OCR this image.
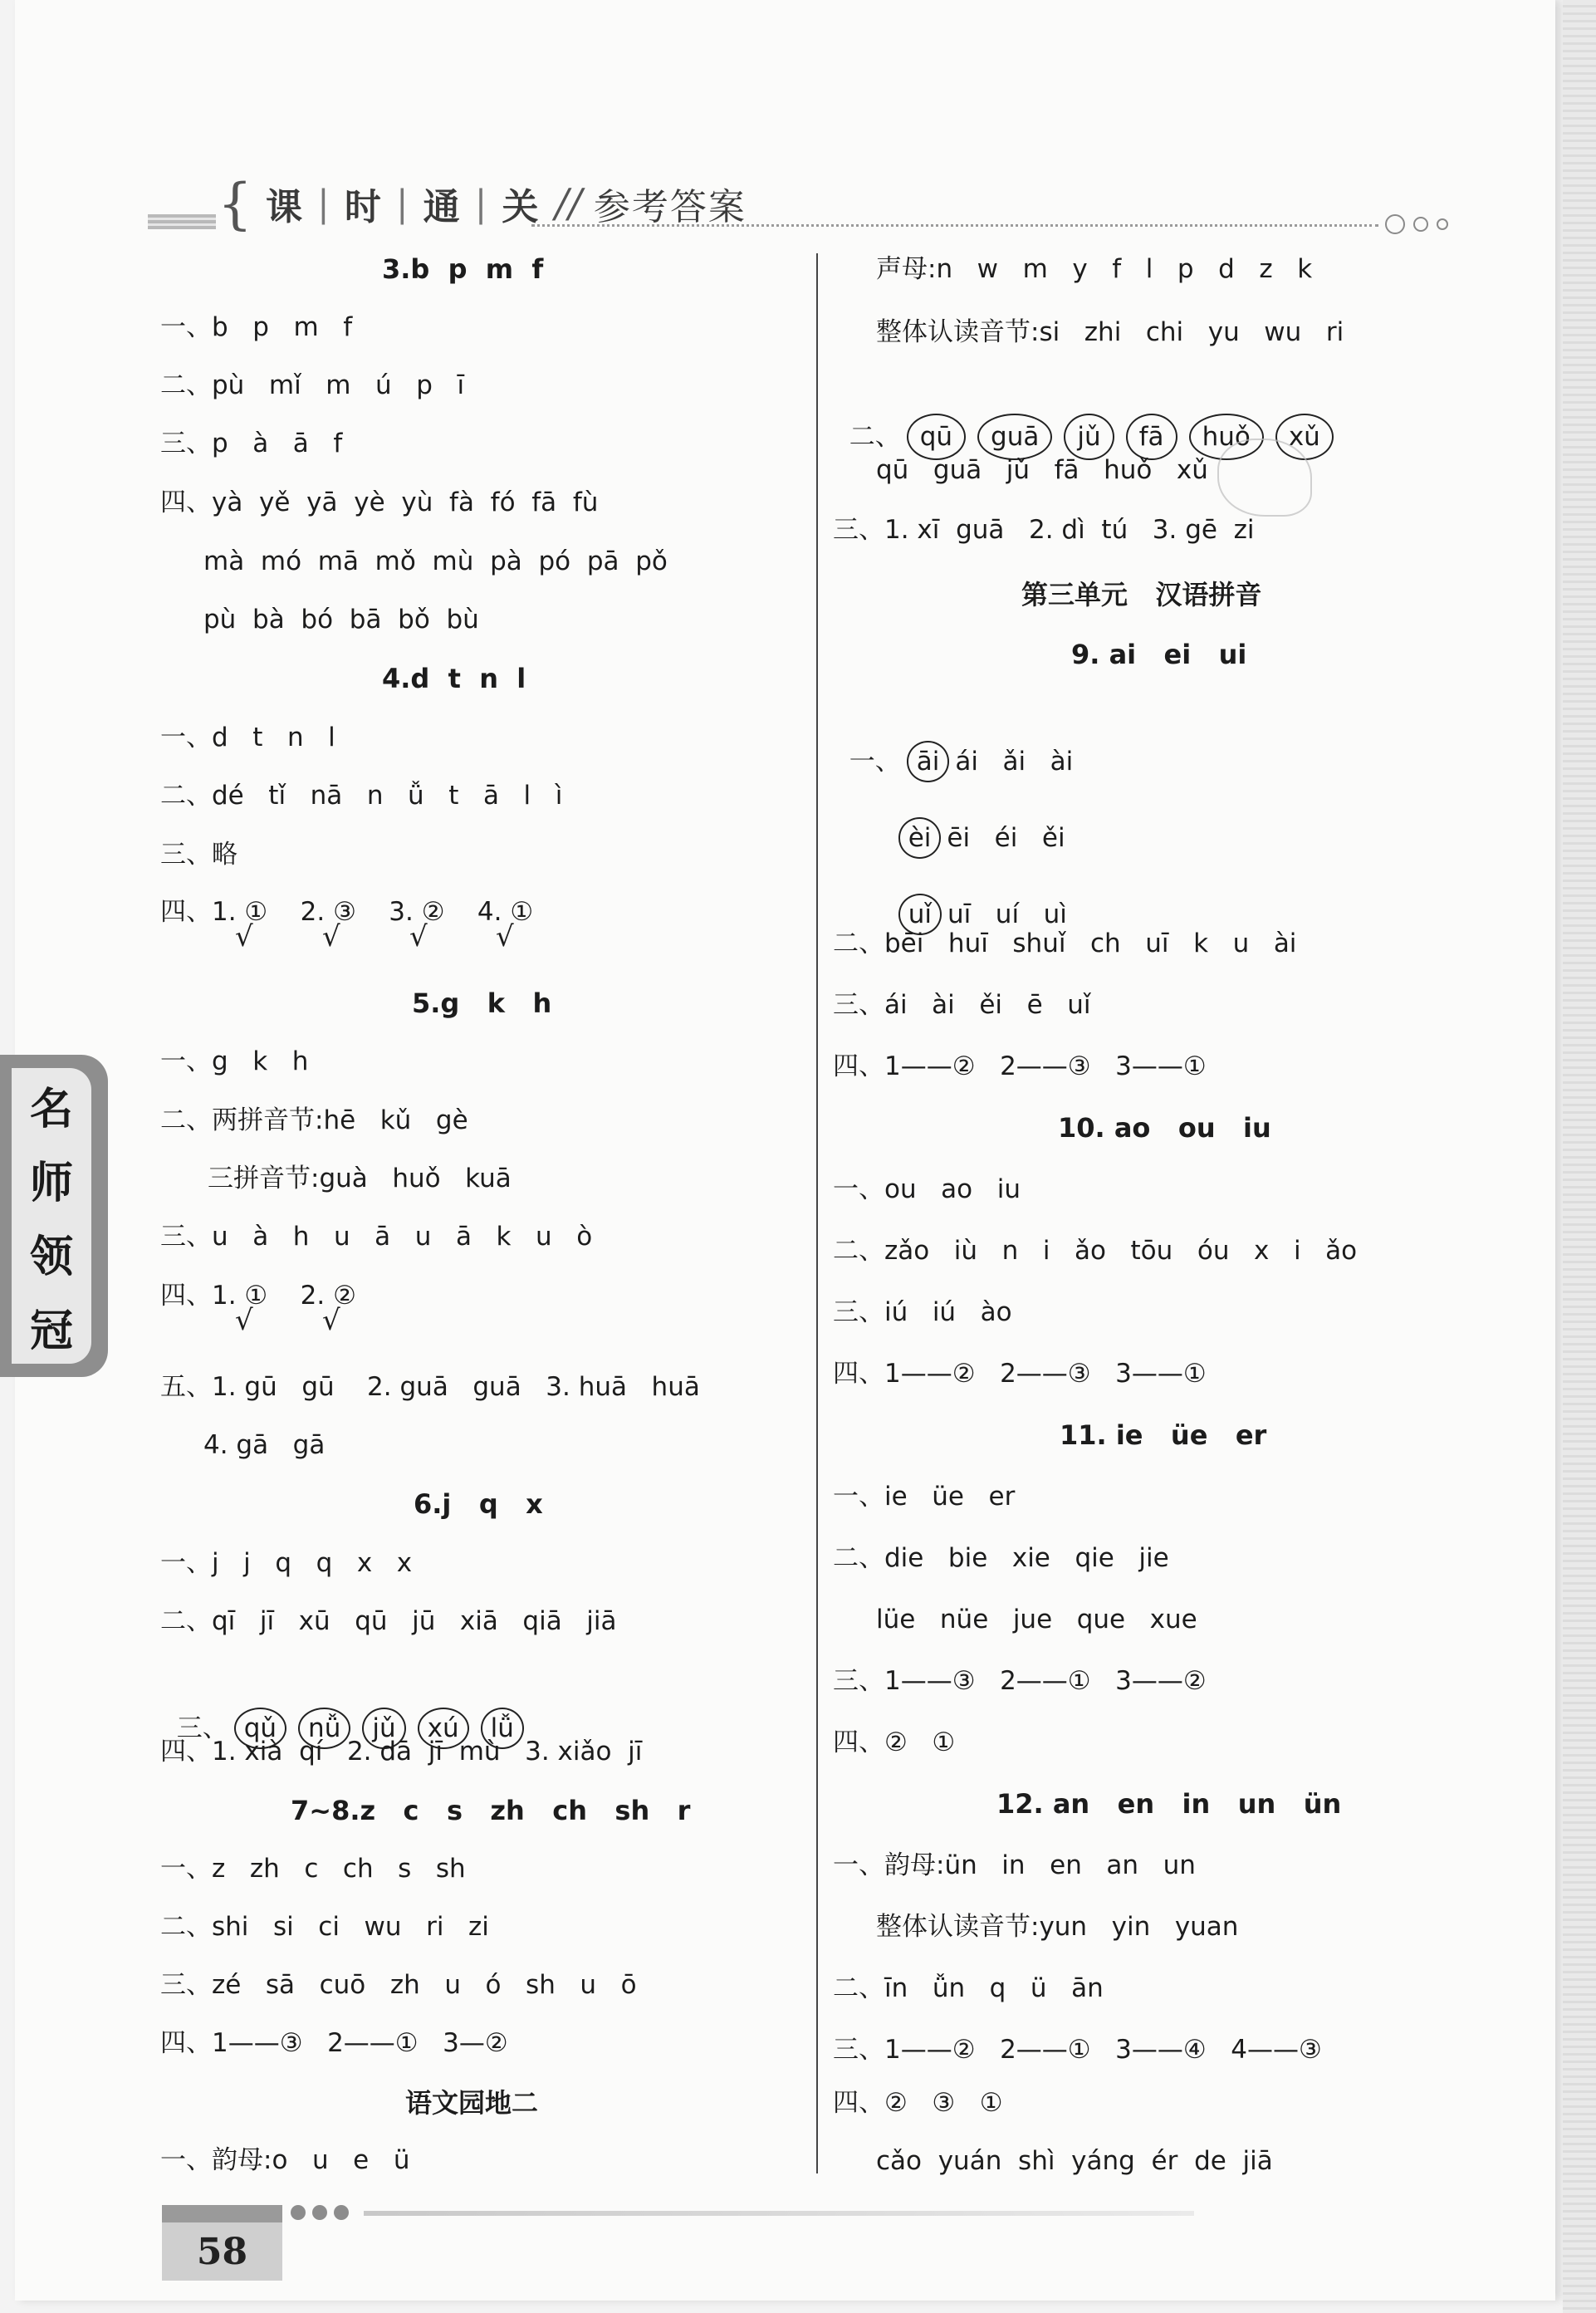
{ 课 | 时 | 通 | 关 // 参考答案
名
师
领
冠
3.b  p  m  f
一、b   p   m   f
二、pù   mǐ   m   ú   p   ī
三、p   à   ā   f
四、yà  yě  yā  yè  yù  fà  fó  fā  fù
mà  mó  mā  mǒ  mù  pà  pó  pā  pǒ
pù  bà  bó  bā  bǒ  bù
4.d  t  n  l
一、d   t   n   l
二、dé   tǐ   nā   n   ǚ   t   ā   l   ì
三、略
四、1. ①    2. ③    3. ②    4. ①
√ √ √ √
5.g   k   h
一、g   k   h
二、两拼音节:hē   kǔ   gè
三拼音节:guà   huǒ   kuā
三、u   à   h   u   ā   u   ā   k   u   ò
四、1. ①    2. ②
√ √
五、1. gū   gū    2. guā   guā   3. huā   huā
4. gā   gā
6.j   q   x
一、j   j   q   q   x   x
二、qī   jī   xū   qū   jū   xiā   qiā   jiā

三、 qǔ nǚ jǔ xú lǚ

四、1. xià  qí   2. dā  jī  mù   3. xiǎo  jī
7~8.z   c   s   zh   ch   sh   r
一、z   zh   c   ch   s   sh
二、shi   si   ci   wu   ri   zi
三、zé   sā   cuō   zh   u   ó   sh   u   ō
四、1——③   2——①   3—②
语文园地二
一、韵母:o   u   e   ü
声母:n   w   m   y   f   l   p   d   z   k
整体认读音节:si   zhi   chi   yu   wu   ri

二、 qū guā jǔ fā huǒ xǔ

qū   guā   jǔ   fā   huǒ   xǔ
三、1. xī  guā   2. dì  tú   3. gē  zi
第三单元   汉语拼音
9. ai   ei   ui

一、 āi ái   ǎi   ài

èi ēi   éi   ěi

uǐ uī   uí   uì

二、bēi   huī   shuǐ   ch   uī   k   u   ài
三、ái   ài   ěi   ē   uǐ
四、1——②   2——③   3——①
10. ao   ou   iu
一、ou   ao   iu
二、zǎo   iù   n   i   ǎo   tōu   óu   x   i   ǎo
三、iú   iú   ào
四、1——②   2——③   3——①
11. ie   üe   er
一、ie   üe   er
二、die   bie   xie   qie   jie
lüe   nüe   jue   que   xue
三、1——③   2——①   3——②
四、②   ①
12. an   en   in   un   ün
一、韵母:ün   in   en   an   un
整体认读音节:yun   yin   yuan
二、īn   ǚn   q   ü   ān
三、1——②   2——①   3——④   4——③
四、②   ③   ①
cǎo  yuán  shì  yáng  ér  de  jiā
58
